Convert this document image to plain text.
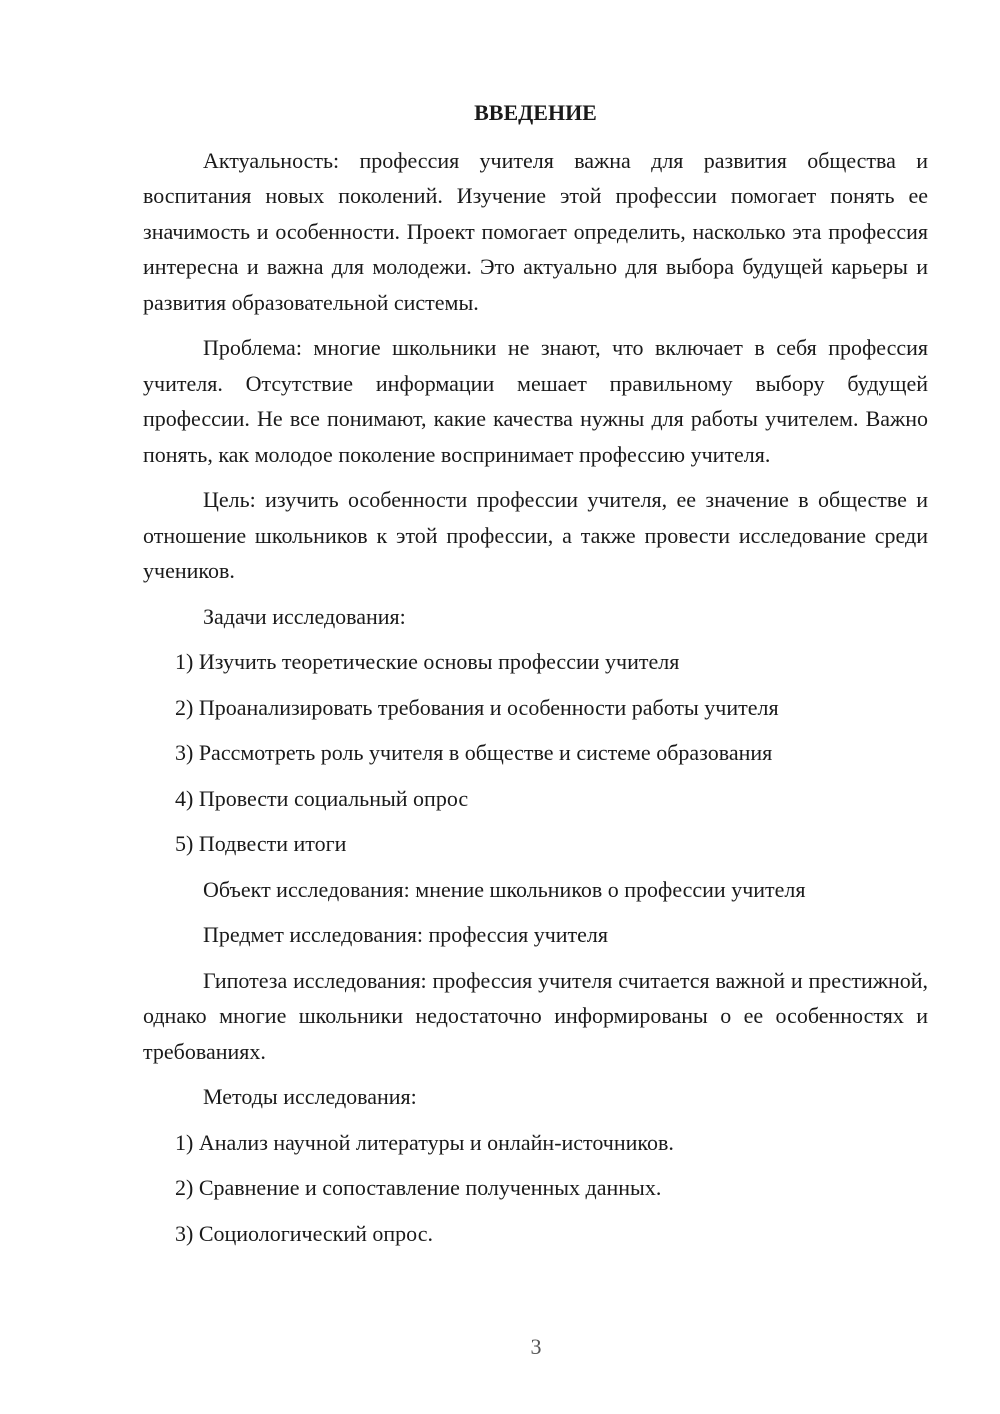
ВВЕДЕНИЕ
Актуальность: профессия учителя важна для развития общества и воспитания новых поколений. Изучение этой профессии помогает понять ее значимость и особенности. Проект помогает определить, насколько эта профессия интересна и важна для молодежи. Это актуально для выбора будущей карьеры и развития образовательной системы.
Проблема: многие школьники не знают, что включает в себя профессия учителя. Отсутствие информации мешает правильному выбору будущей профессии. Не все понимают, какие качества нужны для работы учителем. Важно понять, как молодое поколение воспринимает профессию учителя.
Цель: изучить особенности профессии учителя, ее значение в обществе и отношение школьников к этой профессии, а также провести исследование среди учеников.
Задачи исследования:
1) Изучить теоретические основы профессии учителя
2) Проанализировать требования и особенности работы учителя
3) Рассмотреть роль учителя в обществе и системе образования
4) Провести социальный опрос
5) Подвести итоги
Объект исследования: мнение школьников о профессии учителя
Предмет исследования: профессия учителя
Гипотеза исследования: профессия учителя считается важной и престижной, однако многие школьники недостаточно информированы о ее особенностях и требованиях.
Методы исследования:
1) Анализ научной литературы и онлайн-источников.
2) Сравнение и сопоставление полученных данных.
3) Социологический опрос.
3
